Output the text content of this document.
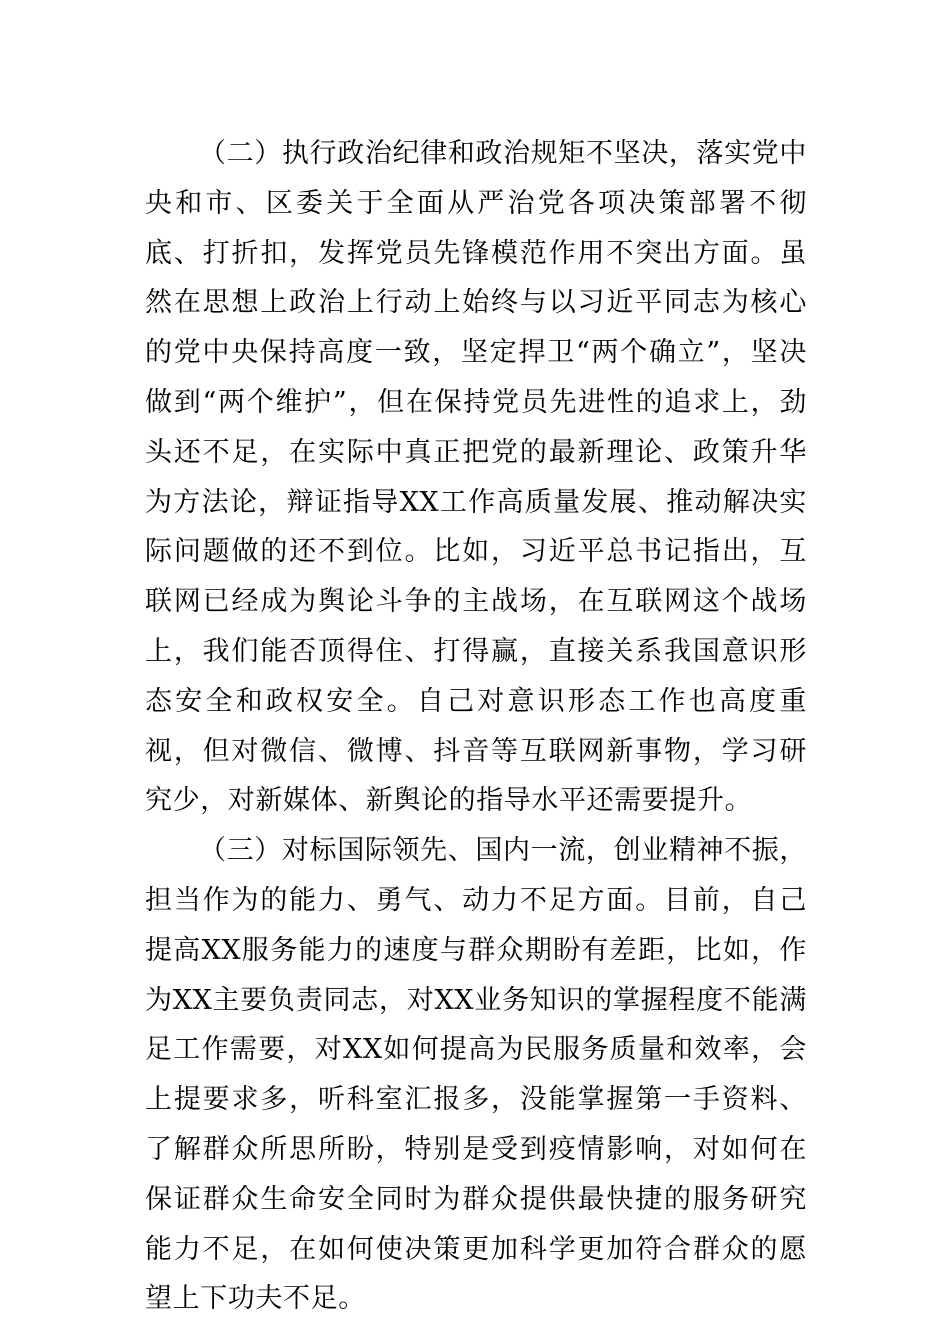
（二）执行政治纪律和政治规矩不坚决，落实党中央和市、区委关于全面从严治党各项决策部署不彻底、打折扣，发挥党员先锋模范作用不突出方面。虽然在思想上政治上行动上始终与以习近平同志为核心的党中央保持高度一致，坚定捍卫“两个确立”，坚决做到“两个维护”，但在保持党员先进性的追求上，劲头还不足，在实际中真正把党的最新理论、政策升华为方法论，辩证指导XX工作高质量发展、推动解决实际问题做的还不到位。比如，习近平总书记指出，互联网已经成为舆论斗争的主战场，在互联网这个战场上，我们能否顶得住、打得赢，直接关系我国意识形态安全和政权安全。自己对意识形态工作也高度重视，但对微信、微博、抖音等互联网新事物，学习研究少，对新媒体、新舆论的指导水平还需要提升。

（三）对标国际领先、国内一流，创业精神不振，担当作为的能力、勇气、动力不足方面。目前，自己提高XX服务能力的速度与群众期盼有差距，比如，作为XX主要负责同志，对XX业务知识的掌握程度不能满足工作需要，对XX如何提高为民服务质量和效率，会上提要求多，听科室汇报多，没能掌握第一手资料、了解群众所思所盼，特别是受到疫情影响，对如何在保证群众生命安全同时为群众提供最快捷的服务研究能力不足，在如何使决策更加科学更加符合群众的愿望上下功夫不足。
